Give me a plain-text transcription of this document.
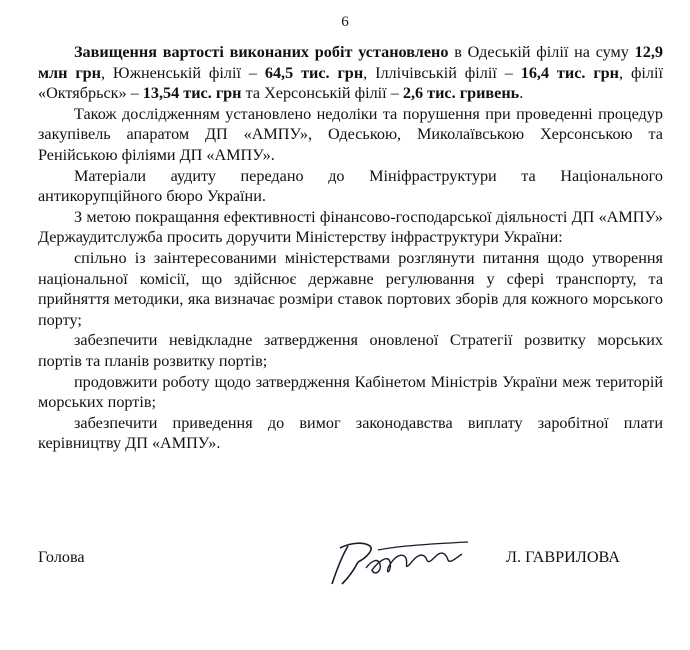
6

Завищення вартості виконаних робіт установлено в Одеській філії на суму 12,9 млн грн, Южненській філії – 64,5 тис. грн, Іллічівській філії – 16,4 тис. грн, філії «Октябрьск» – 13,54 тис. грн та Херсонській філії – 2,6 тис. гривень.

Також дослідженням установлено недоліки та порушення при проведенні процедур закупівель апаратом ДП «АМПУ», Одеською, Миколаївською Херсонською та Ренійською філіями ДП «АМПУ».

Матеріали аудиту передано до Мініфраструктури та Національного антикорупційного бюро України.

З метою покращання ефективності фінансово-господарської діяльності ДП «АМПУ» Держаудитслужба просить доручити Міністерству інфраструктури України:

спільно із заінтересованими міністерствами розглянути питання щодо утворення національної комісії, що здійснює державне регулювання у сфері транспорту, та прийняття методики, яка визначає розміри ставок портових зборів для кожного морського порту;

забезпечити невідкладне затвердження оновленої Стратегії розвитку морських портів та планів розвитку портів;

продовжити роботу щодо затвердження Кабінетом Міністрів України меж територій морських портів;

забезпечити приведення до вимог законодавства виплату заробітної плати керівництву ДП «АМПУ».

Голова	Л. ГАВРИЛОВА
